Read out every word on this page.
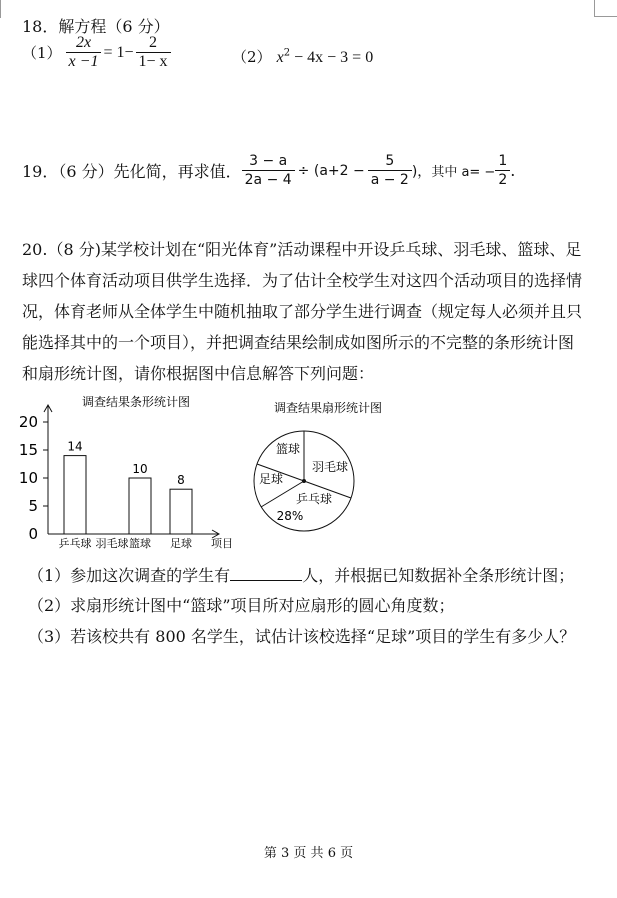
18．解方程（6 分）
$(1) \frac{2x}{x -1} = 1- \frac{2}{1- x}$	（2） $x^2 - 4x - 3 = 0$
19．（6 分）先化简，再求值． $\frac{3 - a}{2a - 4} \div (a+2 - \frac{5}{a - 2}$ )， 其中 $a= - \frac{1}{2}$ .
20.（8 分)某学校计划在“阳光体育”活动课程中开设乒乓球、羽毛球、篮球、足球四个体育活动项目供学生选择．为了估计全校学生对这四个活动项目的选择情况，体育老师从全体学生中随机抽取了部分学生进行调查（规定每人必须并且只能选择其中的一个项目），并把调查结果绘制成如图所示的不完整的条形统计图和扇形统计图，请你根据图中信息解答下列问题：
调查结果条形统计图
0
5
10
15
20
14
10
8
乒乓球 羽毛球 篮球 足球 项目
调查结果扇形统计图
篮球
羽毛球
乒乓球
28%
足球
（1）参加这次调查的学生有	人，并根据已知数据补全条形统计图；
（2）求扇形统计图中“篮球”项目所对应扇形的圆心角度数；
（3）若该校共有 800 名学生，试估计该校选择“足球”项目的学生有多少人？
第 3 页 共 6 页
